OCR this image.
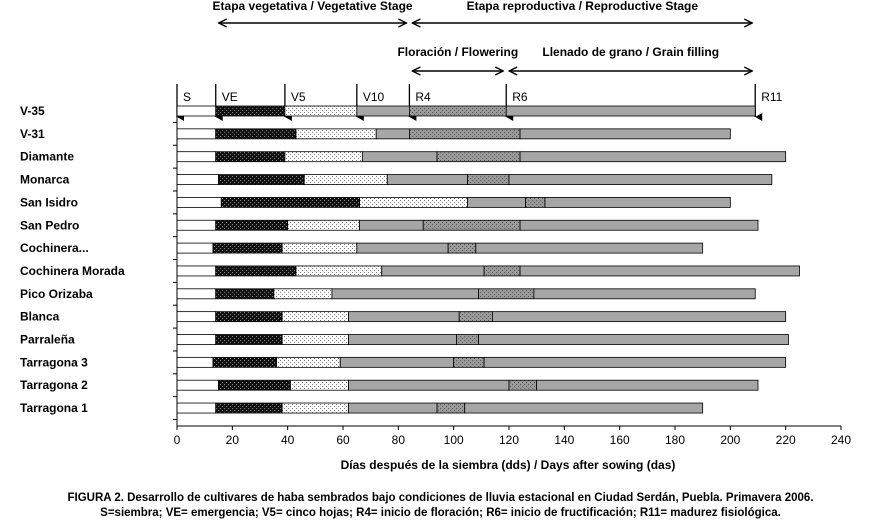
Etapa vegetativa / Vegetative Stage	Etapa reproductiva / Reproductive Stage
Floración / Flowering Llenado de grano / Grain filling
S	VE	V5	V10	R4	R6	R11
V-35
V-31
Diamante
Monarca
San Isidro
San Pedro
Cochinera...
Cochinera Morada
Pico Orizaba
Blanca
Parraleña
Tarragona 3
Tarragona 2
Tarragona 1
0	20	40	60	80	100	120	140	160	180	200	220	240
Días después de la siembra (dds) / Days after sowing (das)
FIGURA 2. Desarrollo de cultivares de haba sembrados bajo condiciones de lluvia estacional en Ciudad Serdán, Puebla. Primavera 2006.
S=siembra; VE= emergencia; V5= cinco hojas; R4= inicio de floración; R6= inicio de fructificación; R11= madurez fisiológica.
